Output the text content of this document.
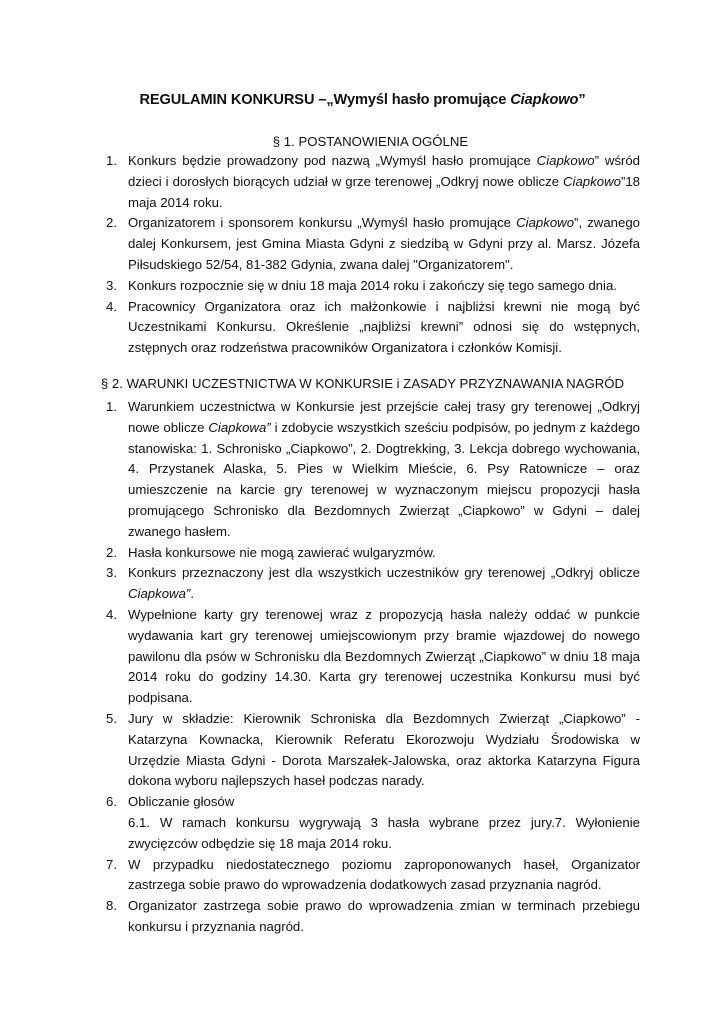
REGULAMIN KONKURSU –„Wymyśl hasło promujące Ciapkowo”
§ 1. POSTANOWIENIA OGÓLNE
1. Konkurs będzie prowadzony pod nazwą „Wymyśl hasło promujące Ciapkowo” wśród dzieci i dorosłych biorących udział w grze terenowej „Odkryj nowe oblicze Ciapkowo”18 maja 2014 roku.
2. Organizatorem i sponsorem konkursu „Wymyśl hasło promujące Ciapkowo”, zwanego dalej Konkursem, jest Gmina Miasta Gdyni z siedzibą w Gdyni przy al. Marsz. Józefa Piłsudskiego 52/54, 81-382 Gdynia, zwana dalej "Organizatorem".
3. Konkurs rozpocznie się w dniu 18 maja 2014 roku i zakończy się tego samego dnia.
4. Pracownicy Organizatora oraz ich małżonkowie i najbliżsi krewni nie mogą być Uczestnikami Konkursu. Określenie „najbliżsi krewni” odnosi się do wstępnych, zstępnych oraz rodzeństwa pracowników Organizatora i członków Komisji.
§ 2. WARUNKI UCZESTNICTWA W KONKURSIE i ZASADY PRZYZNAWANIA NAGRÓD
1. Warunkiem uczestnictwa w Konkursie jest przejście całej trasy gry terenowej „Odkryj nowe oblicze Ciapkowa” i zdobycie wszystkich sześciu podpisów, po jednym z każdego stanowiska: 1. Schronisko „Ciapkowo”, 2. Dogtrekking, 3. Lekcja dobrego wychowania, 4. Przystanek Alaska, 5. Pies w Wielkim Mieście, 6. Psy Ratownicze – oraz umieszczenie na karcie gry terenowej w wyznaczonym miejscu propozycji hasła promującego Schronisko dla Bezdomnych Zwierząt „Ciapkowo” w Gdyni – dalej zwanego hasłem.
2. Hasła konkursowe nie mogą zawierać wulgaryzmów.
3. Konkurs przeznaczony jest dla wszystkich uczestników gry terenowej „Odkryj oblicze Ciapkowa”.
4. Wypełnione karty gry terenowej wraz z propozycją hasła należy oddać w punkcie wydawania kart gry terenowej umiejscowionym przy bramie wjazdowej do nowego pawilonu dla psów w Schronisku dla Bezdomnych Zwierząt „Ciapkowo” w dniu 18 maja 2014 roku do godziny 14.30. Karta gry terenowej uczestnika Konkursu musi być podpisana.
5. Jury w składzie: Kierownik Schroniska dla Bezdomnych Zwierząt „Ciapkowo” - Katarzyna Kownacka, Kierownik Referatu Ekorozwoju Wydziału Środowiska w Urzędzie Miasta Gdyni - Dorota Marszałek-Jalowska, oraz aktorka Katarzyna Figura dokona wyboru najlepszych haseł podczas narady.
6. Obliczanie głosów
6.1. W ramach konkursu wygrywają 3 hasła wybrane przez jury.7. Wyłonienie zwycięzców odbędzie się 18 maja 2014 roku.
7. W przypadku niedostatecznego poziomu zaproponowanych haseł, Organizator zastrzega sobie prawo do wprowadzenia dodatkowych zasad przyznania nagród.
8. Organizator zastrzega sobie prawo do wprowadzenia zmian w terminach przebiegu konkursu i przyznania nagród.
